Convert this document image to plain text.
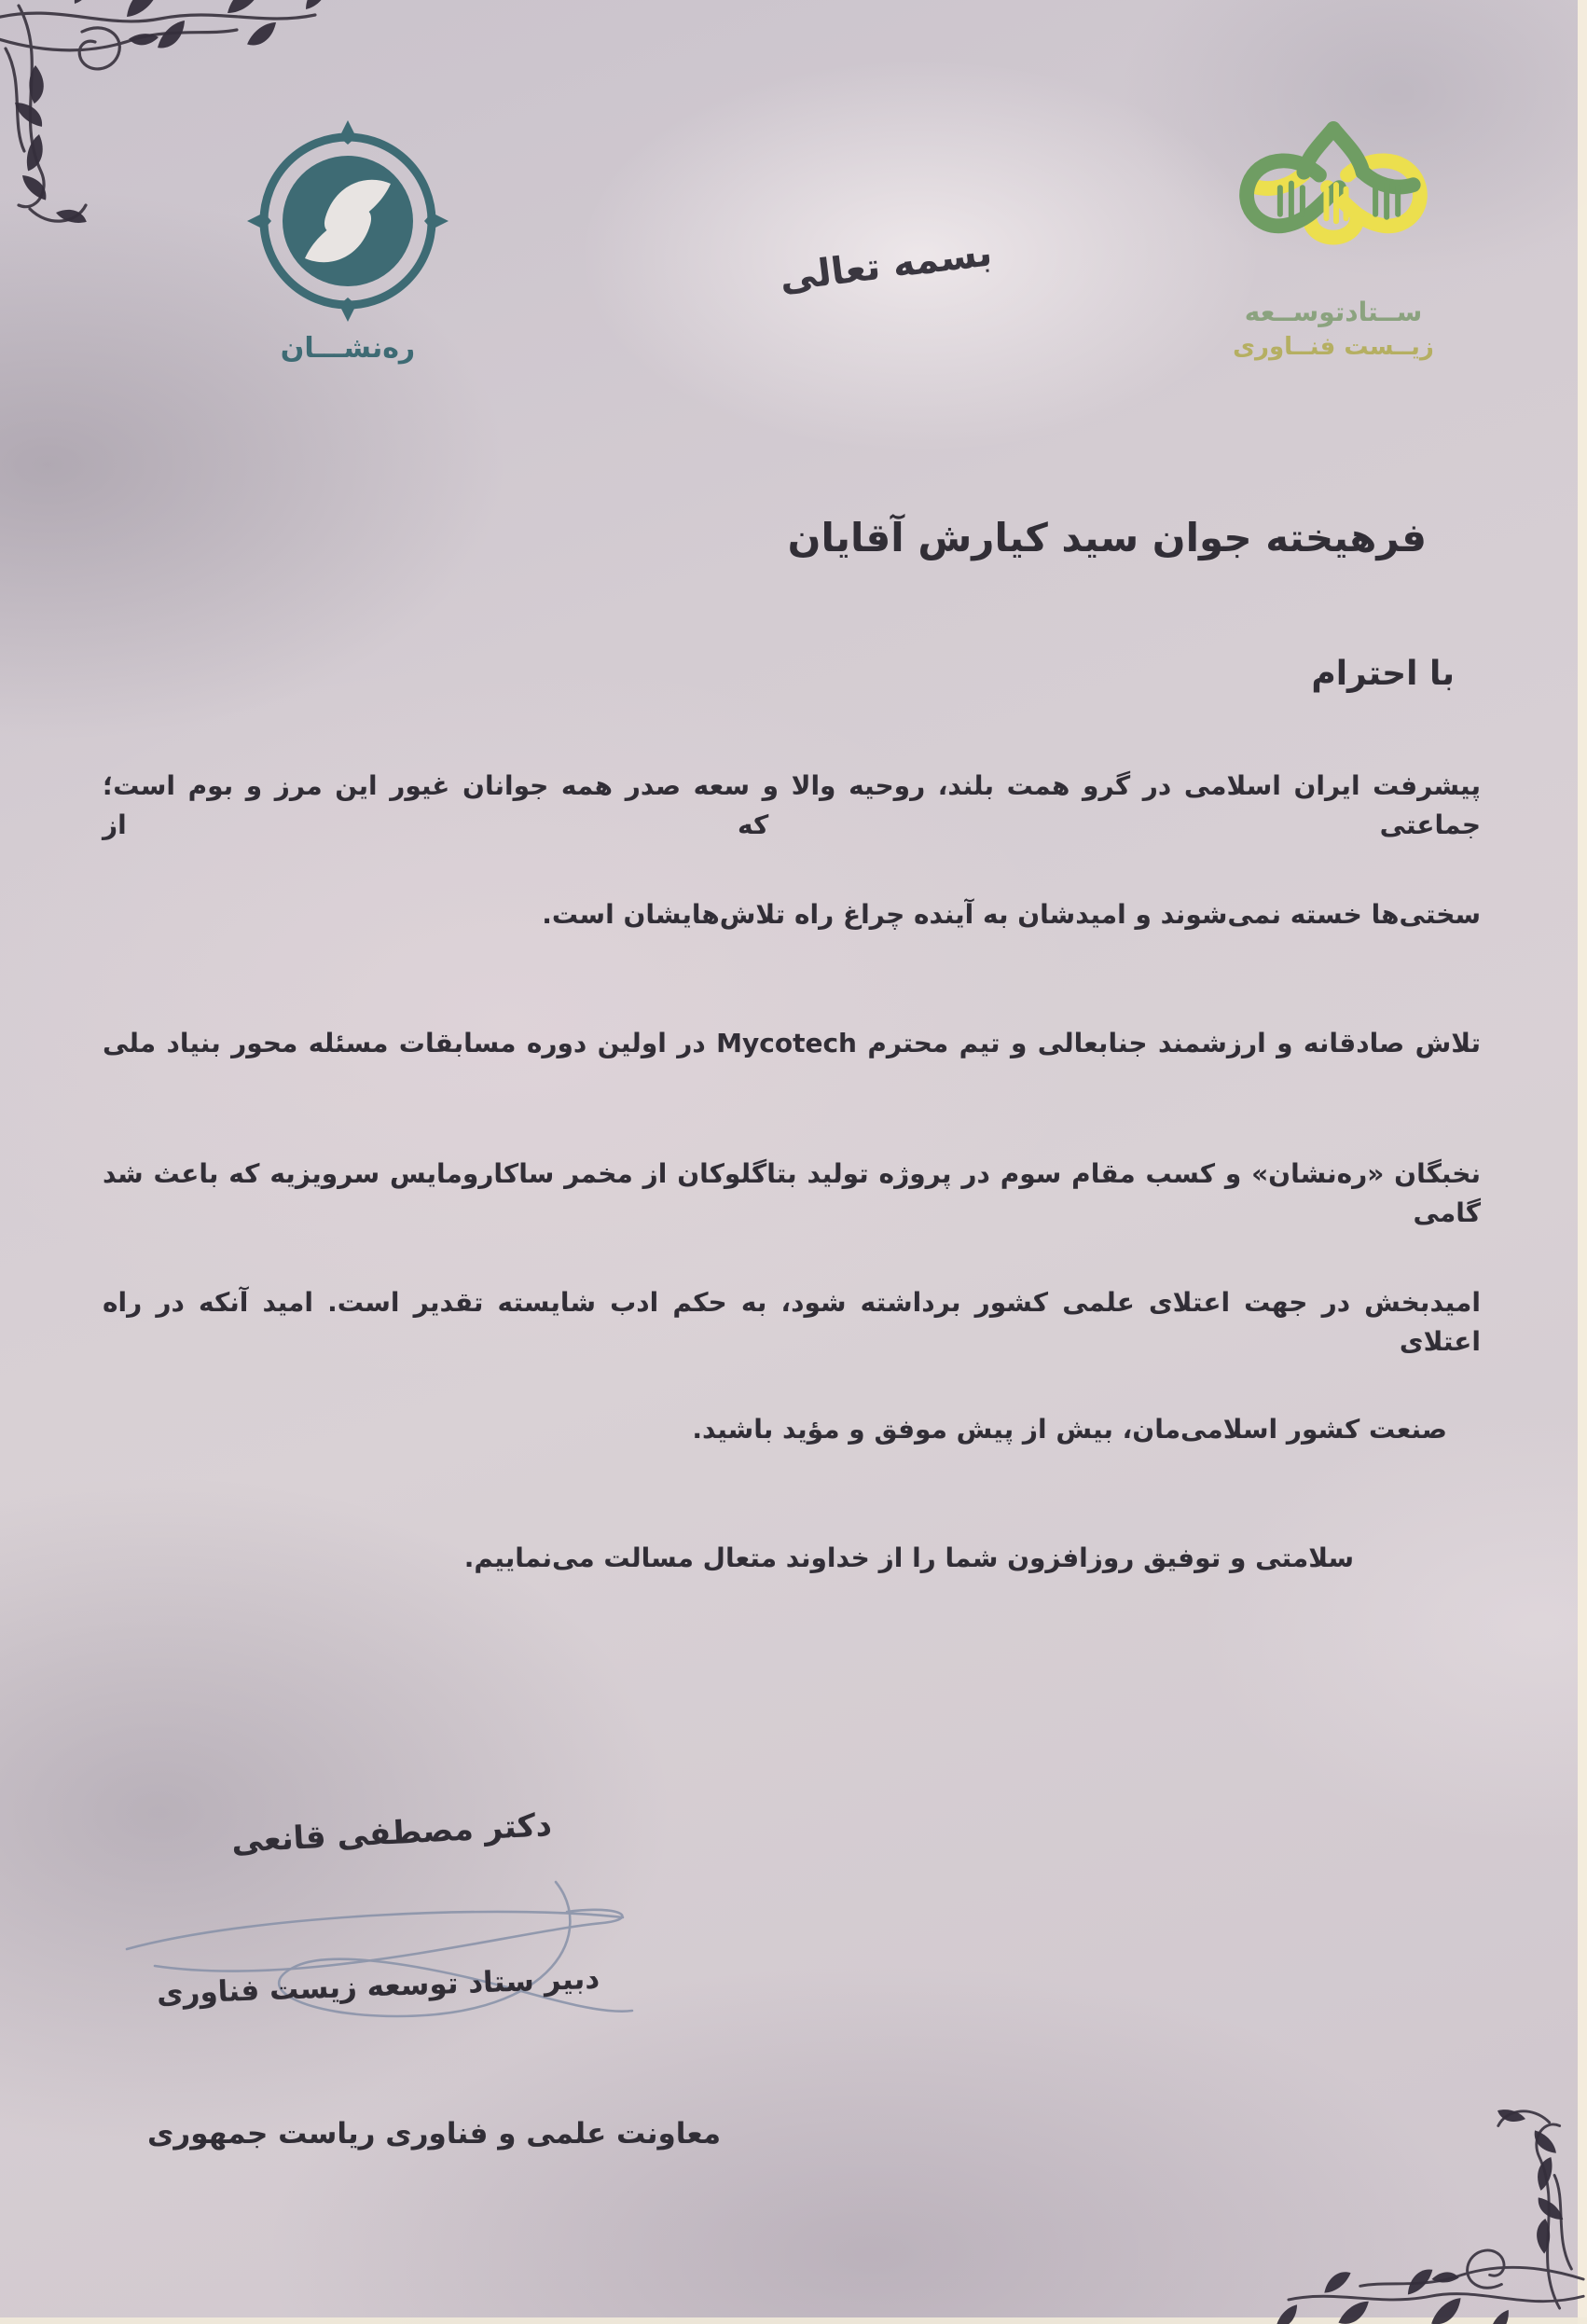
ره‌نشـــان
بسمه تعالی
ســتادتوســعه
زیــست فنــاوری
فرهیخته جوان سید کیارش آقایان
با احترام
پیشرفت ایران اسلامی در گرو همت بلند، روحیه والا و سعه صدر همه جوانان غیور این مرز و بوم است؛ جماعتی که از
سختی‌ها خسته نمی‌شوند و امیدشان به آینده چراغ راه تلاش‌هایشان است.
تلاش صادقانه و ارزشمند جنابعالی و تیم محترم Mycotech در اولین دوره مسابقات مسئله محور بنیاد ملی
نخبگان «ره‌نشان» و کسب مقام سوم در پروژه تولید بتاگلوکان از مخمر ساکارومایس سرویزیه که باعث شد گامی
امیدبخش در جهت اعتلای علمی کشور برداشته شود، به حکم ادب شایسته تقدیر است. امید آنکه در راه اعتلای
صنعت کشور اسلامی‌مان، بیش از پیش موفق و مؤید باشید.
سلامتی و توفیق روزافزون شما را از خداوند متعال مسالت می‌نماییم.
دکتر مصطفی قانعی
دبیر ستاد توسعه زیست فناوری
معاونت علمی و فناوری ریاست جمهوری
